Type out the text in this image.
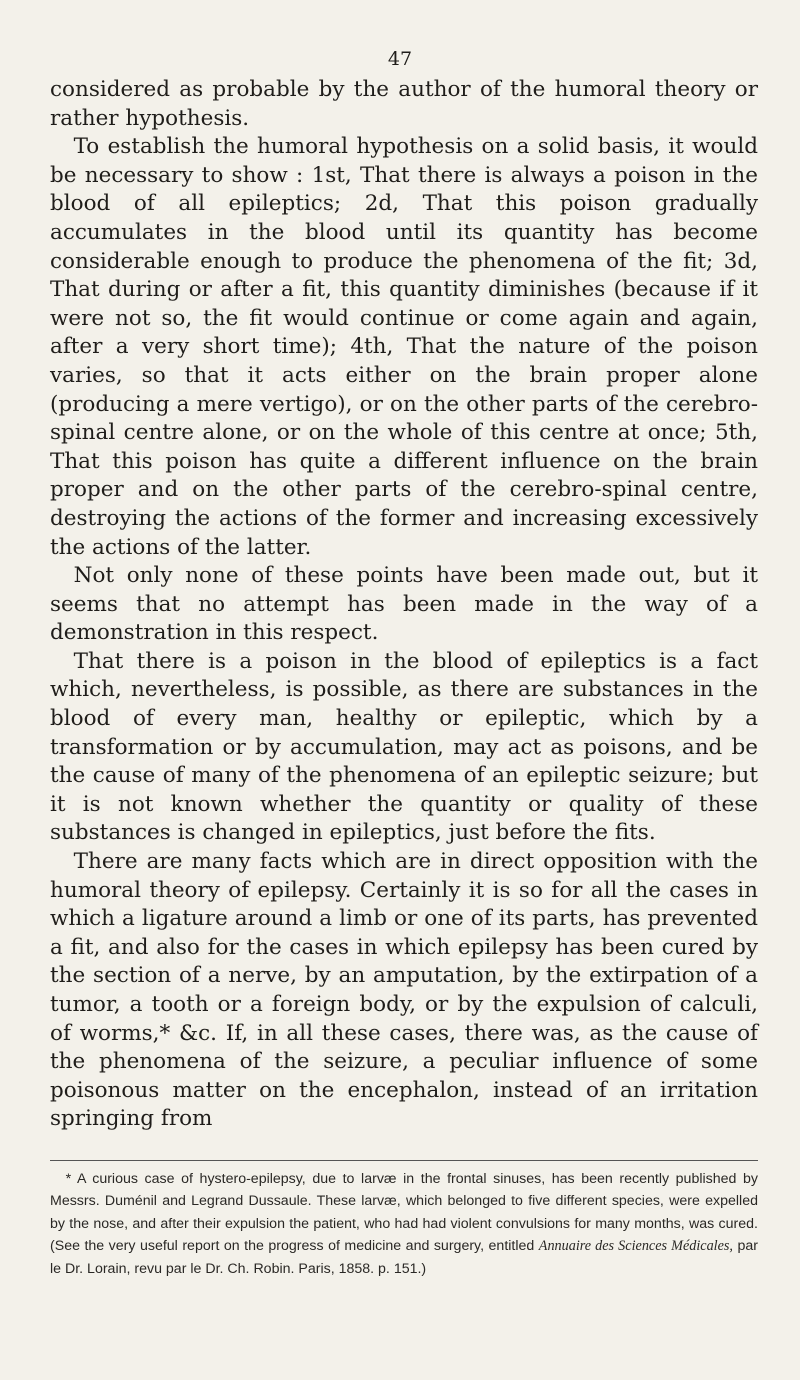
47

considered as probable by the author of the humoral theory or rather hypothesis.

To establish the humoral hypothesis on a solid basis, it would be necessary to show : 1st, That there is always a poison in the blood of all epileptics; 2d, That this poison gradually accumulates in the blood until its quantity has become considerable enough to produce the phenomena of the fit; 3d, That during or after a fit, this quantity diminishes (because if it were not so, the fit would continue or come again and again, after a very short time); 4th, That the nature of the poison varies, so that it acts either on the brain proper alone (producing a mere vertigo), or on the other parts of the cerebro-spinal centre alone, or on the whole of this centre at once; 5th, That this poison has quite a different influence on the brain proper and on the other parts of the cerebro-spinal centre, destroying the actions of the former and increasing excessively the actions of the latter.

Not only none of these points have been made out, but it seems that no attempt has been made in the way of a demonstration in this respect.

That there is a poison in the blood of epileptics is a fact which, nevertheless, is possible, as there are substances in the blood of every man, healthy or epileptic, which by a transformation or by accumulation, may act as poisons, and be the cause of many of the phenomena of an epileptic seizure; but it is not known whether the quantity or quality of these substances is changed in epileptics, just before the fits.

There are many facts which are in direct opposition with the humoral theory of epilepsy. Certainly it is so for all the cases in which a ligature around a limb or one of its parts, has prevented a fit, and also for the cases in which epilepsy has been cured by the section of a nerve, by an amputation, by the extirpation of a tumor, a tooth or a foreign body, or by the expulsion of calculi, of worms,* &c. If, in all these cases, there was, as the cause of the phenomena of the seizure, a peculiar influence of some poisonous matter on the encephalon, instead of an irritation springing from

* A curious case of hystero-epilepsy, due to larvæ in the frontal sinuses, has been recently published by Messrs. Duménil and Legrand Dussaule. These larvæ, which belonged to five different species, were expelled by the nose, and after their expulsion the patient, who had had violent convulsions for many months, was cured. (See the very useful report on the progress of medicine and surgery, entitled Annuaire des Sciences Médicales, par le Dr. Lorain, revu par le Dr. Ch. Robin. Paris, 1858. p. 151.)
